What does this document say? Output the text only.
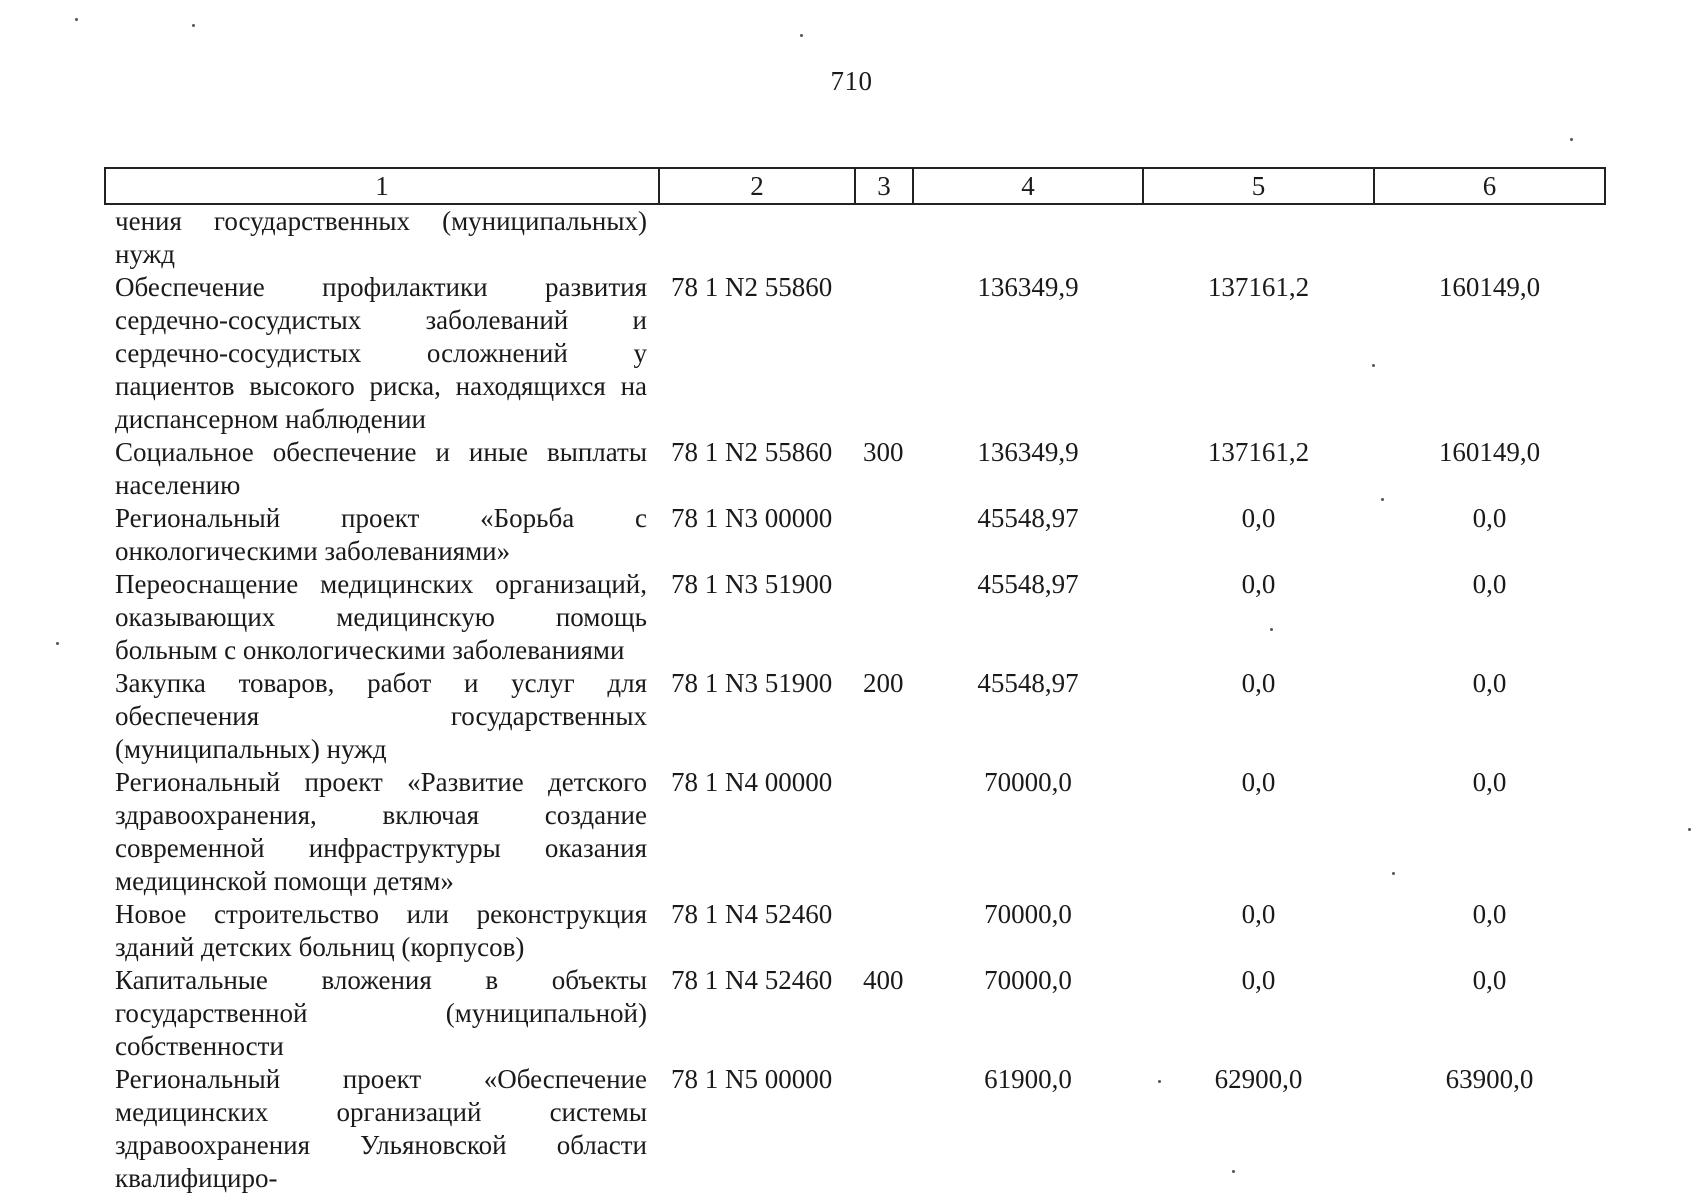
710
1	2	3	4	5	6
чения государственных (муниципальных) нужд					
Обеспечение профилактики развития сердечно-сосудистых заболеваний и сердечно-сосудистых осложнений у пациентов высокого риска, находящихся на диспансерном наблюдении	78 1 N2 55860		136349,9	137161,2	160149,0
Социальное обеспечение и иные выплаты населению	78 1 N2 55860	300	136349,9	137161,2	160149,0
Региональный проект «Борьба с онкологическими заболеваниями»	78 1 N3 00000		45548,97	0,0	0,0
Переоснащение медицинских организаций, оказывающих медицинскую помощь больным с онкологическими заболеваниями	78 1 N3 51900		45548,97	0,0	0,0
Закупка товаров, работ и услуг для обеспечения государственных (муниципальных) нужд	78 1 N3 51900	200	45548,97	0,0	0,0
Региональный проект «Развитие детского здравоохранения, включая создание современной инфраструктуры оказания медицинской помощи детям»	78 1 N4 00000		70000,0	0,0	0,0
Новое строительство или реконструкция зданий детских больниц (корпусов)	78 1 N4 52460		70000,0	0,0	0,0
Капитальные вложения в объекты государственной (муниципальной) собственности	78 1 N4 52460	400	70000,0	0,0	0,0
Региональный проект «Обеспечение медицинских организаций системы здравоохранения Ульяновской области квалифициро-	78 1 N5 00000		61900,0	62900,0	63900,0
